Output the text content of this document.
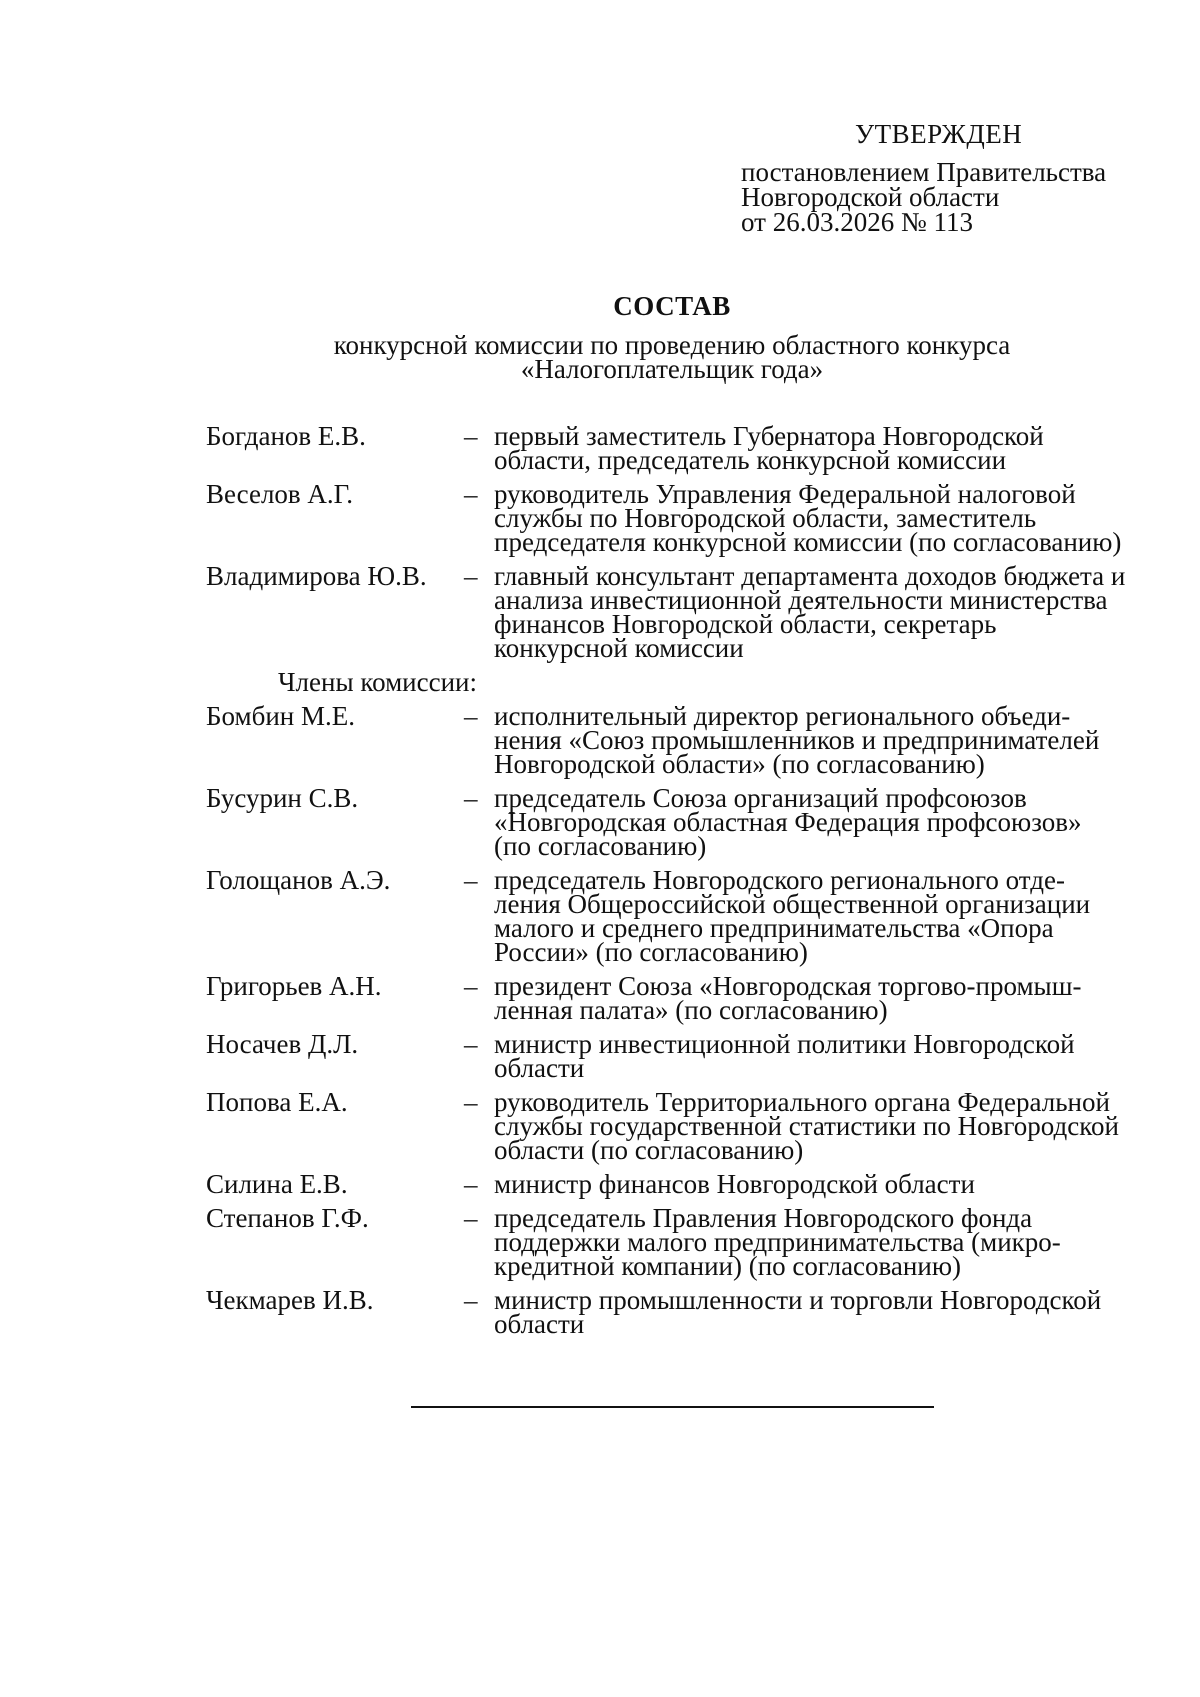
УТВЕРЖДЕН
постановлением Правительства
Новгородской области
от 26.03.2026 № 113
СОСТАВ
конкурсной комиссии по проведению областного конкурса
«Налогоплательщик года»
Богданов Е.В.	– первый заместитель Губернатора Новгородской
области, председатель конкурсной комиссии
Веселов А.Г.	– руководитель Управления Федеральной налоговой
службы по Новгородской области, заместитель
председателя конкурсной комиссии (по согласованию)
Владимирова Ю.В.	– главный консультант департамента доходов бюджета и
анализа инвестиционной деятельности министерства
финансов Новгородской области, секретарь
конкурсной комиссии
Члены комиссии:
Бомбин М.Е.	– исполнительный директор регионального объеди-
нения «Союз промышленников и предпринимателей
Новгородской области» (по согласованию)
Бусурин С.В.	– председатель Союза организаций профсоюзов
«Новгородская областная Федерация профсоюзов»
(по согласованию)
Голощанов А.Э.	– председатель Новгородского регионального отде-
ления Общероссийской общественной организации
малого и среднего предпринимательства «Опора
России» (по согласованию)
Григорьев А.Н.	– президент Союза «Новгородская торгово-промыш-
ленная палата» (по согласованию)
Носачев Д.Л.	– министр инвестиционной политики Новгородской
области
Попова Е.А.	– руководитель Территориального органа Федеральной
службы государственной статистики по Новгородской
области (по согласованию)
Силина Е.В.	– министр финансов Новгородской области
Степанов Г.Ф.	– председатель Правления Новгородского фонда
поддержки малого предпринимательства (микро-
кредитной компании) (по согласованию)
Чекмарев И.В.	– министр промышленности и торговли Новгородской
области
